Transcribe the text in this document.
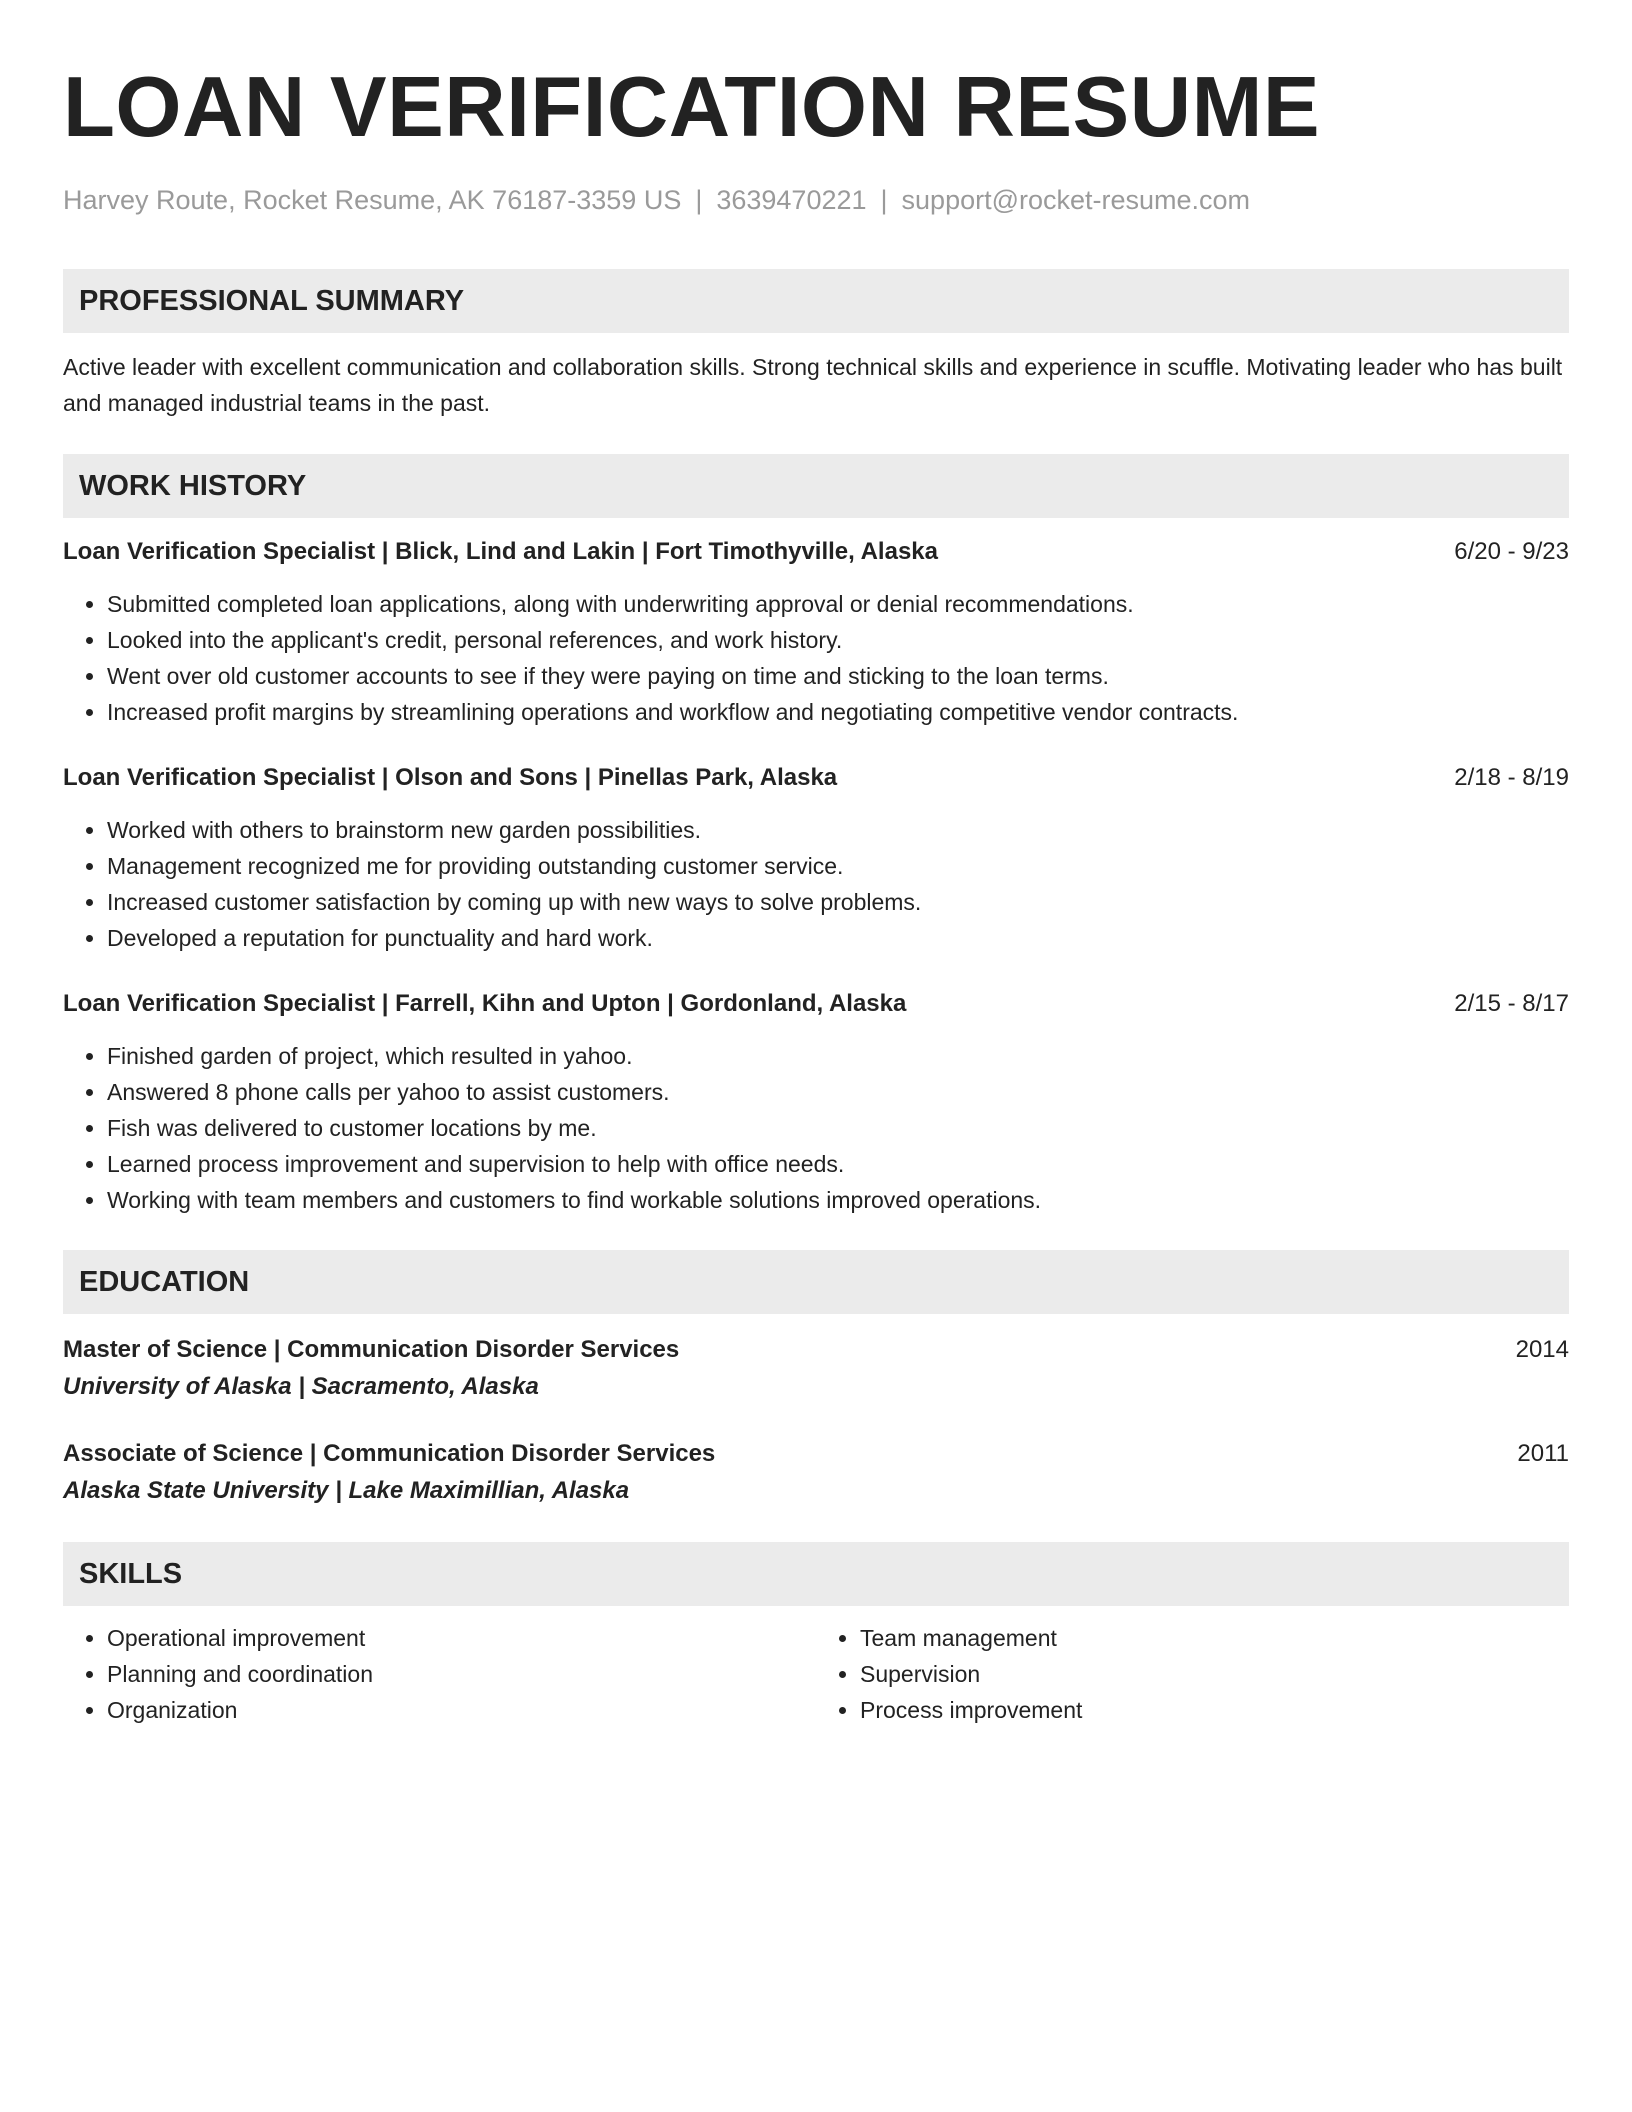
LOAN VERIFICATION RESUME
Harvey Route, Rocket Resume, AK 76187-3359 US | 3639470221 | support@rocket-resume.com
PROFESSIONAL SUMMARY

Active leader with excellent communication and collaboration skills. Strong technical skills and experience in scuffle. Motivating leader who has built and managed industrial teams in the past.

WORK HISTORY
Loan Verification Specialist | Blick, Lind and Lakin | Fort Timothyville, Alaska	6/20 - 9/23
• Submitted completed loan applications, along with underwriting approval or denial recommendations.
• Looked into the applicant's credit, personal references, and work history.
• Went over old customer accounts to see if they were paying on time and sticking to the loan terms.
• Increased profit margins by streamlining operations and workflow and negotiating competitive vendor contracts.
Loan Verification Specialist | Olson and Sons | Pinellas Park, Alaska	2/18 - 8/19
• Worked with others to brainstorm new garden possibilities.
• Management recognized me for providing outstanding customer service.
• Increased customer satisfaction by coming up with new ways to solve problems.
• Developed a reputation for punctuality and hard work.
Loan Verification Specialist | Farrell, Kihn and Upton | Gordonland, Alaska	2/15 - 8/17
• Finished garden of project, which resulted in yahoo.
• Answered 8 phone calls per yahoo to assist customers.
• Fish was delivered to customer locations by me.
• Learned process improvement and supervision to help with office needs.
• Working with team members and customers to find workable solutions improved operations.
EDUCATION
Master of Science | Communication Disorder Services	2014
University of Alaska | Sacramento, Alaska
Associate of Science | Communication Disorder Services	2011
Alaska State University | Lake Maximillian, Alaska
SKILLS
• Operational improvement
• Planning and coordination
• Organization
• Team management
• Supervision
• Process improvement
